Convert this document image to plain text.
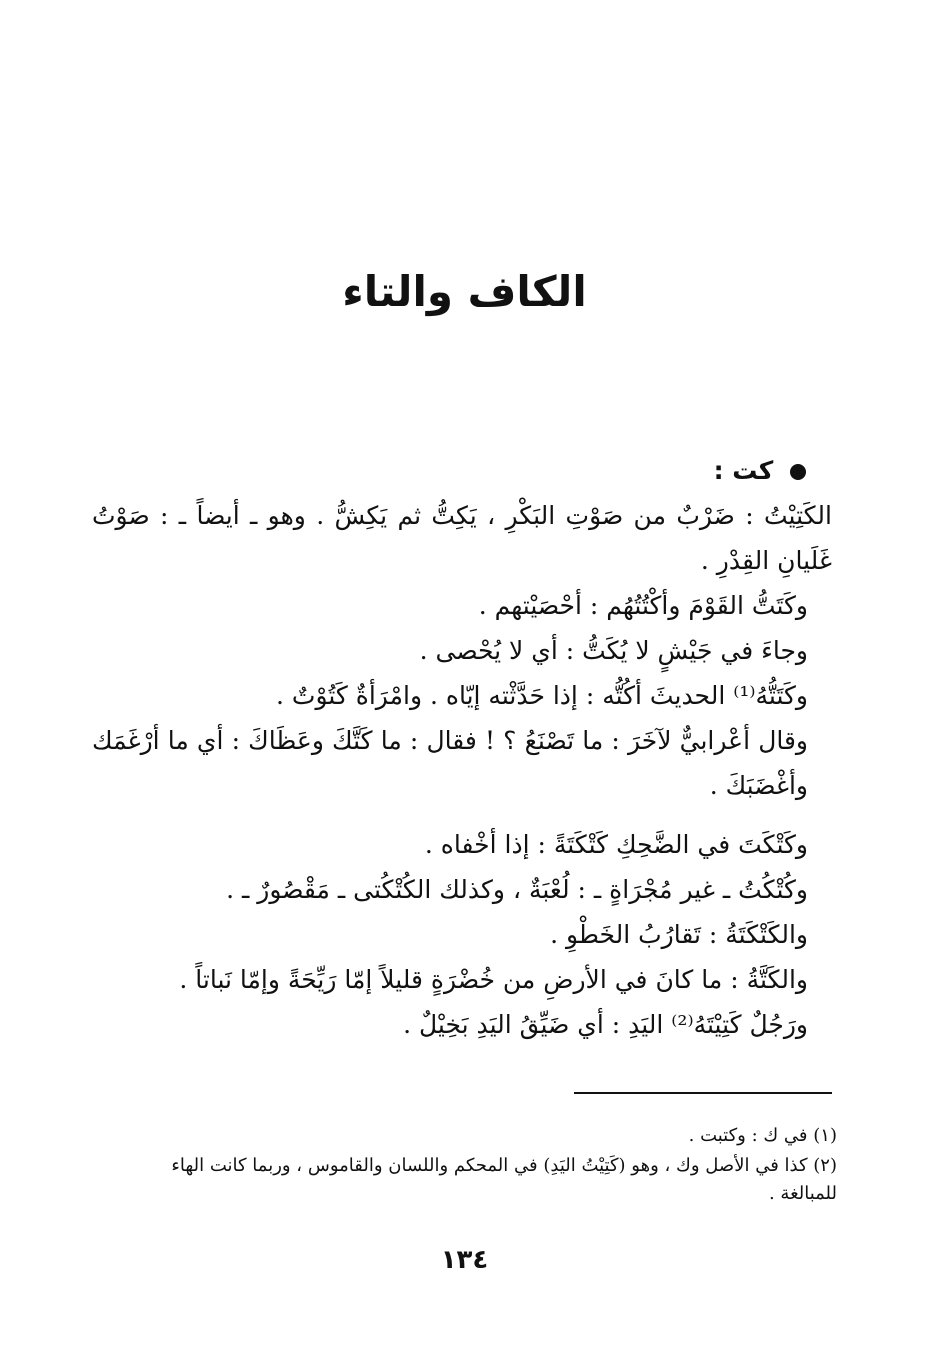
الكاف والتاء
كت :

الكَتِيْتُ : ضَرْبٌ من صَوْتِ البَكْرِ ، يَكِتُّ ثم يَكِشُّ . وهو ـ أيضاً ـ : صَوْتُ غَلَيانِ القِدْرِ .

وكَتَتُّ القَوْمَ وأكْتُتُهُم : أحْصَيْتهم .

وجاءَ في جَيْشٍ لا يُكَتُّ : أي لا يُحْصى .

وكَتَتُّهُ⁽¹⁾ الحديثَ أكُتُّه : إذا حَدَّثْته إيّاه . وامْرَأةٌ كَتُوْتٌ .

وقال أعْرابيٌّ لآخَرَ : ما تَصْنَعُ ؟ ! فقال : ما كَتَّكَ وعَظَاكَ : أي ما أرْغَمَك وأغْضَبَكَ .

وكَتْكَتَ في الضَّحِكِ كَتْكَتَةً : إذا أخْفاه .

وكُتْكُتُ ـ غير مُجْرَاةٍ ـ : لُعْبَةٌ ، وكذلك الكُتْكُتى ـ مَقْصُورٌ ـ .

والكَتْكَتَةُ : تَقارُبُ الخَطْوِ .

والكَتَّةُ : ما كانَ في الأرضِ من خُضْرَةٍ قليلاً إمّا رَيِّحَةً وإمّا نَباتاً .

ورَجُلٌ كَتِيْتَهُ⁽²⁾ اليَدِ : أي ضَيِّقُ اليَدِ بَخِيْلٌ .

(١) في ك : وكتبت .

(٢) كذا في الأصل وك ، وهو (كَتِيْتُ اليَدِ) في المحكم واللسان والقاموس ، وربما كانت الهاء للمبالغة .

١٣٤
